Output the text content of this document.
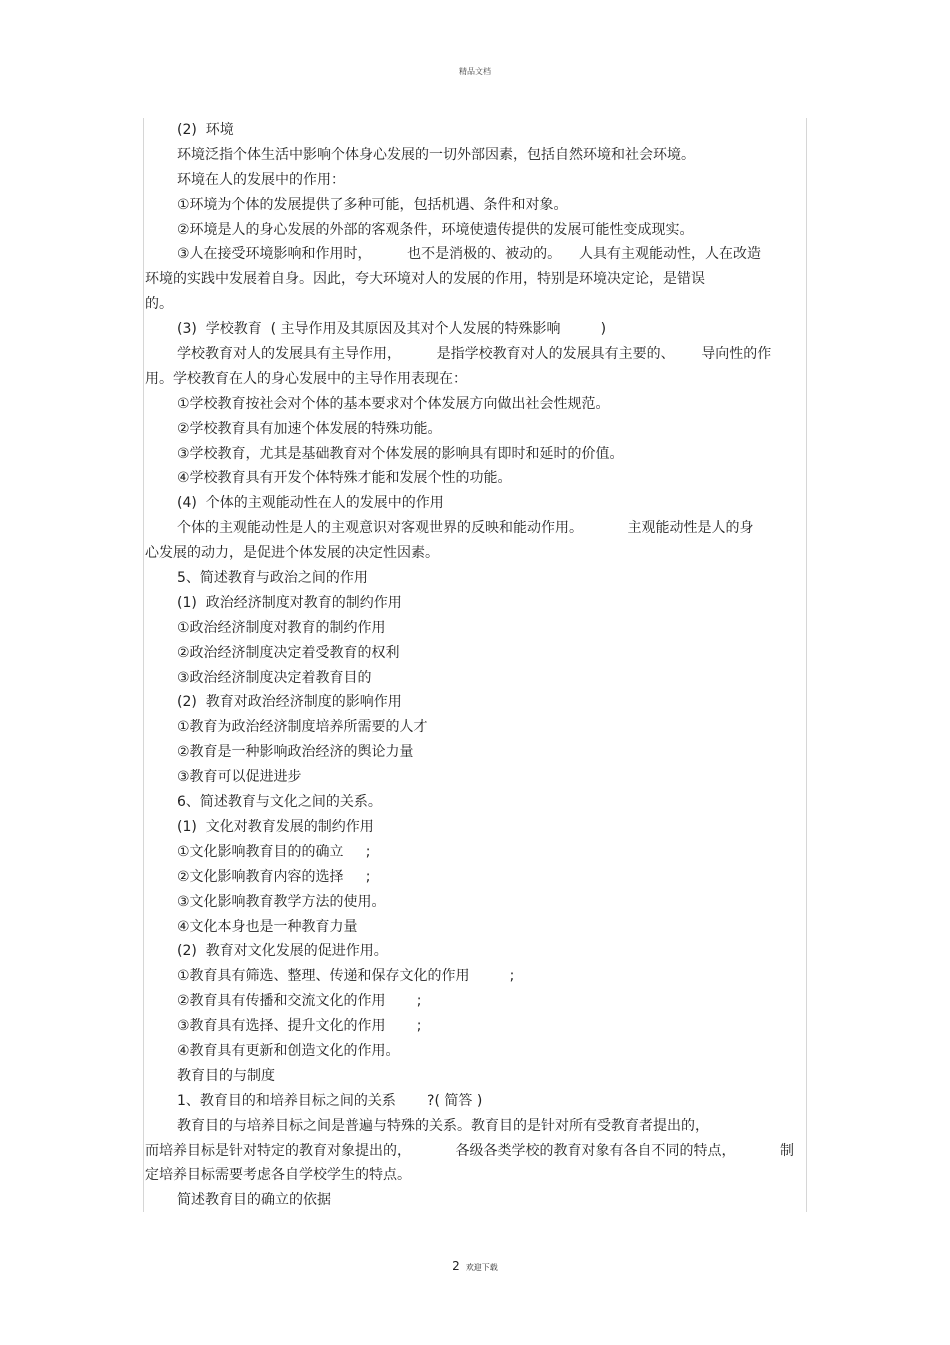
精品文档
(2)  环境
环境泛指个体生活中影响个体身心发展的一切外部因素，包括自然环境和社会环境。
环境在人的发展中的作用：
①环境为个体的发展提供了多种可能，包括机遇、条件和对象。
②环境是人的身心发展的外部的客观条件，环境使遗传提供的发展可能性变成现实。
③人在接受环境影响和作用时，        也不是消极的、被动的。    人具有主观能动性，人在改造
环境的实践中发展着自身。因此，夸大环境对人的发展的作用，特别是环境决定论，是错误
的。
(3)  学校教育  ( 主导作用及其原因及其对个人发展的特殊影响         )
学校教育对人的发展具有主导作用，        是指学校教育对人的发展具有主要的、      导向性的作
用。学校教育在人的身心发展中的主导作用表现在：
①学校教育按社会对个体的基本要求对个体发展方向做出社会性规范。
②学校教育具有加速个体发展的特殊功能。
③学校教育，尤其是基础教育对个体发展的影响具有即时和延时的价值。
④学校教育具有开发个体特殊才能和发展个性的功能。
(4)  个体的主观能动性在人的发展中的作用
个体的主观能动性是人的主观意识对客观世界的反映和能动作用。          主观能动性是人的身
心发展的动力，是促进个体发展的决定性因素。
5、简述教育与政治之间的作用
(1)  政治经济制度对教育的制约作用
①政治经济制度对教育的制约作用
②政治经济制度决定着受教育的权利
③政治经济制度决定着教育目的
(2)  教育对政治经济制度的影响作用
①教育为政治经济制度培养所需要的人才
②教育是一种影响政治经济的舆论力量
③教育可以促进进步
6、简述教育与文化之间的关系。
(1)  文化对教育发展的制约作用
①文化影响教育目的的确立     ;
②文化影响教育内容的选择     ;
③文化影响教育教学方法的使用。
④文化本身也是一种教育力量
(2)  教育对文化发展的促进作用。
①教育具有筛选、整理、传递和保存文化的作用         ;
②教育具有传播和交流文化的作用       ;
③教育具有选择、提升文化的作用       ;
④教育具有更新和创造文化的作用。
教育目的与制度
1、教育目的和培养目标之间的关系       ?( 简答 )
教育目的与培养目标之间是普遍与特殊的关系。教育目的是针对所有受教育者提出的，
而培养目标是针对特定的教育对象提出的，          各级各类学校的教育对象有各自不同的特点，          制
定培养目标需要考虑各自学校学生的特点。
简述教育目的确立的依据
2 欢迎下载
